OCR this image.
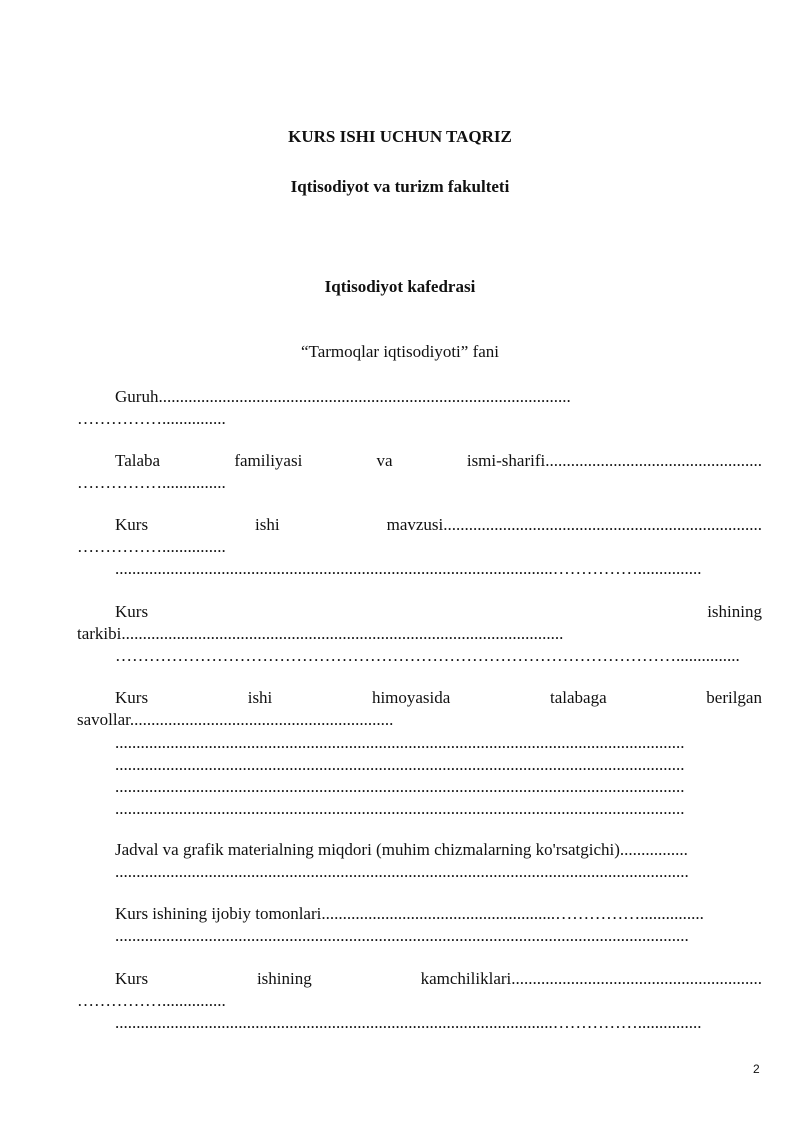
KURS ISHI UCHUN TAQRIZ
Iqtisodiyot va turizm fakulteti
Iqtisodiyot kafedrasi
“Tarmoqlar iqtisodiyoti” fani
Guruh.................................................................................................
……………...............
Talaba	familiyasi	va	ismi-sharifi...................................................
……………...............
Kurs	ishi	mavzusi...........................................................................
……………...............
.......................................................................................................……………...............
Kurs	ishining
tarkibi........................................................................................................
………………………………………………………………………………………...............
Kurs	ishi	himoyasida	talabaga	berilgan
savollar..............................................................
......................................................................................................................................
......................................................................................................................................
......................................................................................................................................
......................................................................................................................................
Jadval va grafik materialning miqdori (muhim chizmalarning ko'rsatgichi)................
.......................................................................................................................................
Kurs ishining ijobiy tomonlari.......................................................……………...............
.......................................................................................................................................
Kurs	ishining	kamchiliklari...........................................................
……………...............
.......................................................................................................……………...............
2
